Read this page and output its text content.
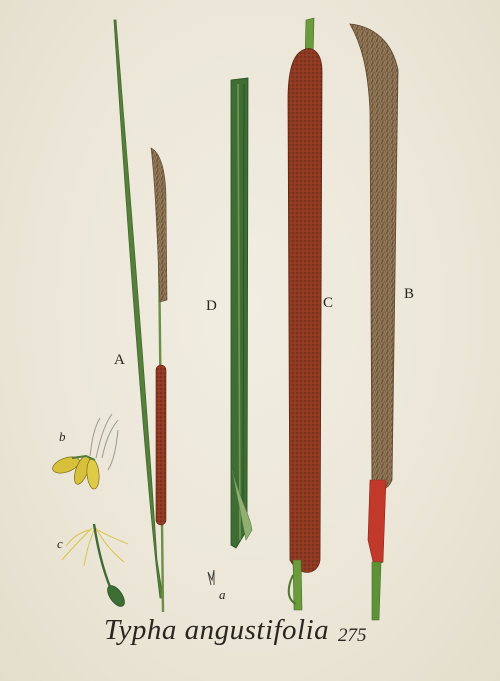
A
B
C
D
a
b
c
Typha angustifolia 275
